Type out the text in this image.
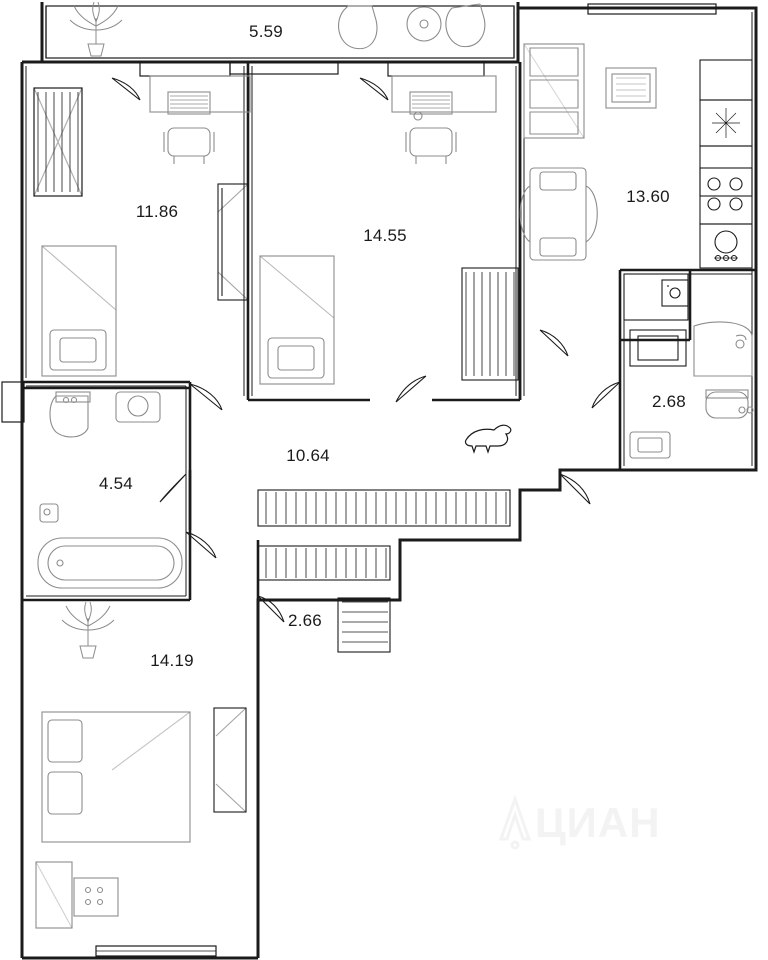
5.59
11.86
14.55
13.60
2.68
4.54
10.64
2.66
14.19
ЦИАН
